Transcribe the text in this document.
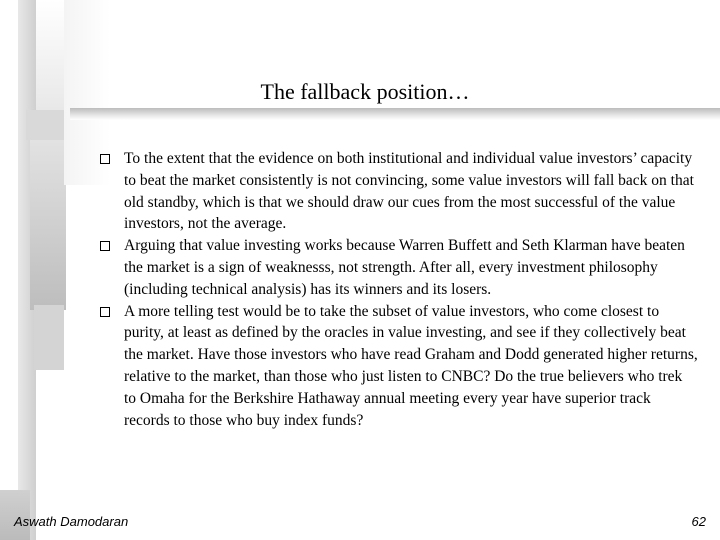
The fallback position…
To the extent that the evidence on both institutional and individual value investors’ capacity to beat the market consistently is not convincing, some value investors will fall back on that old standby, which is that we should draw our cues from the most successful of the value investors, not the average.
Arguing that value investing works because Warren Buffett and Seth Klarman have beaten the market is a sign of weaknesss, not strength. After all, every investment philosophy (including technical analysis) has its winners and its losers.
A more telling test would be to take the subset of value investors, who come closest to purity, at least as defined by the oracles in value investing, and see if they collectively beat the market. Have those investors who have read Graham and Dodd generated higher returns, relative to the market, than those who just listen to CNBC? Do the true believers who trek to Omaha for the Berkshire Hathaway annual meeting every year have superior track records to those who buy index funds?
Aswath Damodaran	62
